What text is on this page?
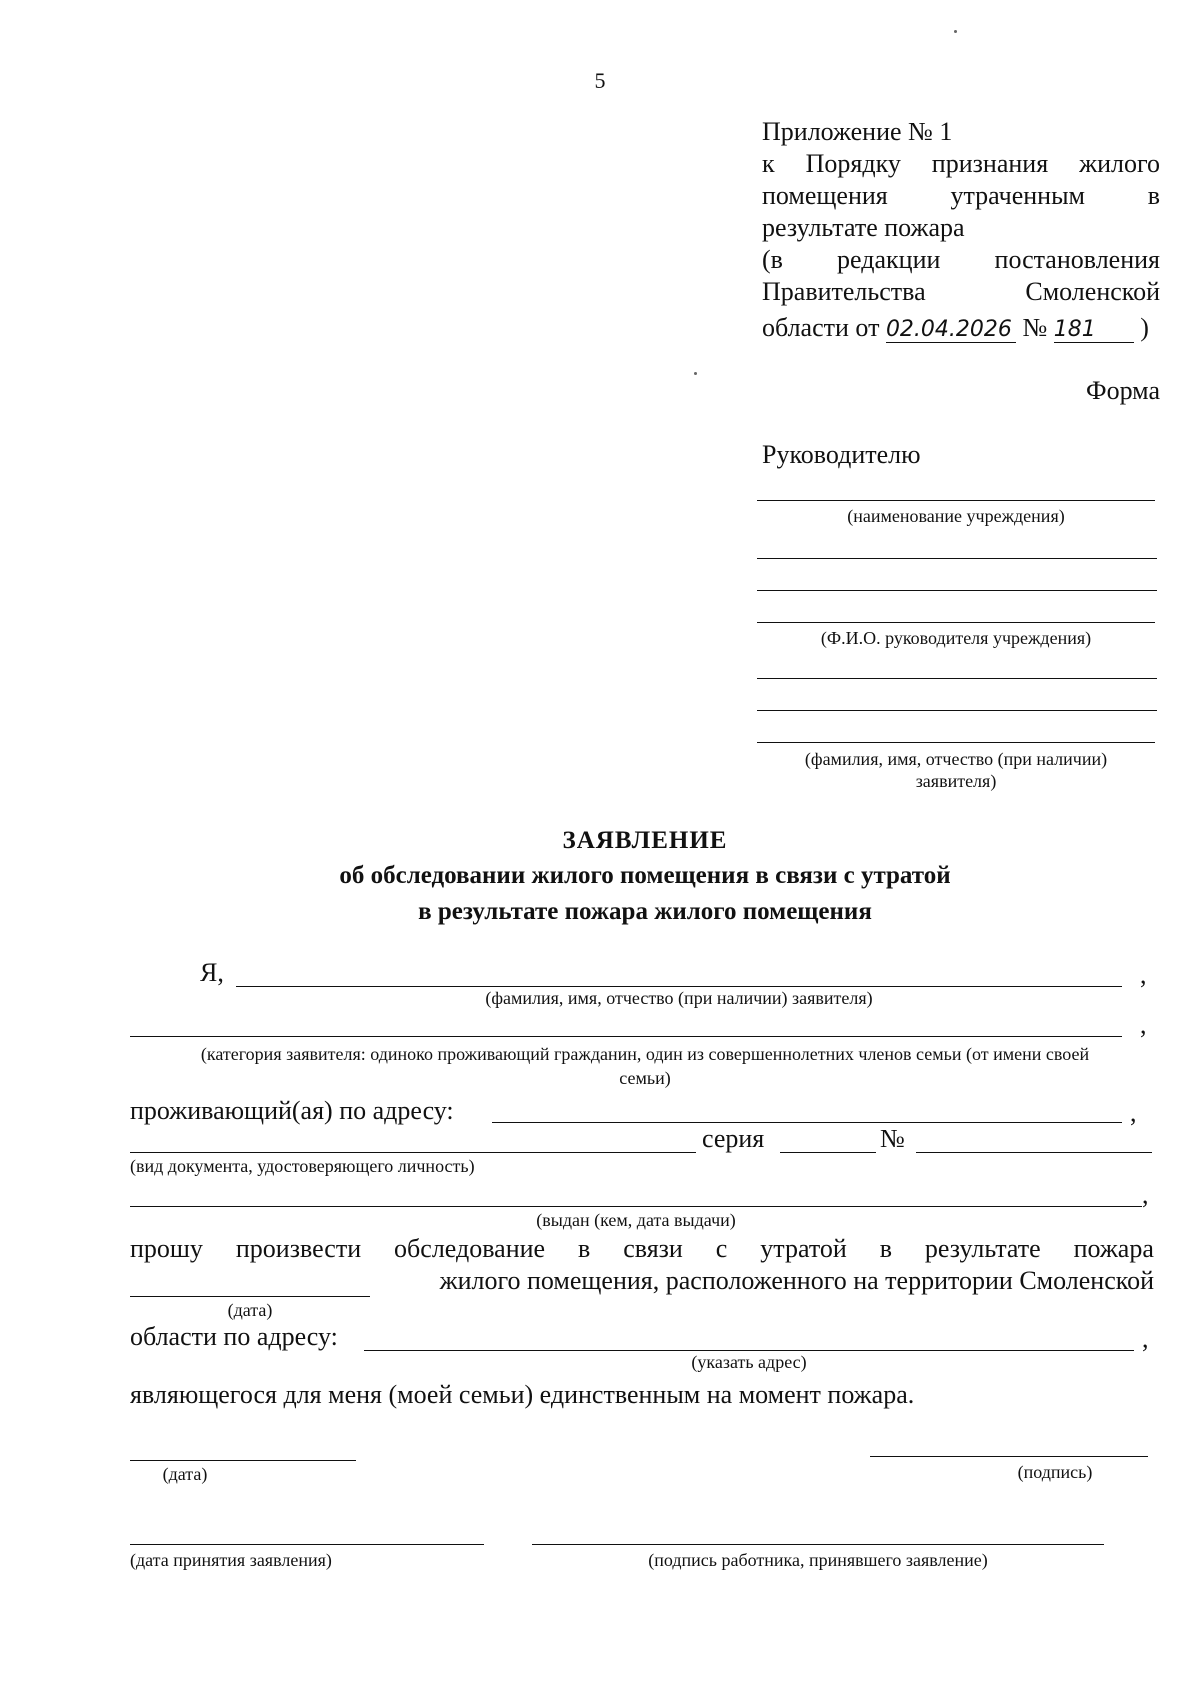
5
Приложение № 1
к Порядку признания жилого
помещения утраченным в
результате пожара
(в редакции постановления
Правительства Смоленской
области от 02.04.2026 № 181 )
Форма
Руководителю
(наименование учреждения)
(Ф.И.О. руководителя учреждения)
(фамилия, имя, отчество (при наличии)
заявителя)
ЗАЯВЛЕНИЕ
об обследовании жилого помещения в связи с утратой
в результате пожара жилого помещения
Я,	,
(фамилия, имя, отчество (при наличии) заявителя)
,
(категория заявителя: одиноко проживающий гражданин, один из совершеннолетних членов семьи (от имени своей
семьи)
проживающий(ая) по адресу:	,
серия	№
(вид документа, удостоверяющего личность)
,
(выдан (кем, дата выдачи)
прошу произвести обследование в связи с утратой в результате пожара
жилого помещения, расположенного на территории Смоленской
(дата)
области по адресу:	,
(указать адрес)
являющегося для меня (моей семьи) единственным на момент пожара.
(дата)	(подпись)
(дата принятия заявления)	(подпись работника, принявшего заявление)
